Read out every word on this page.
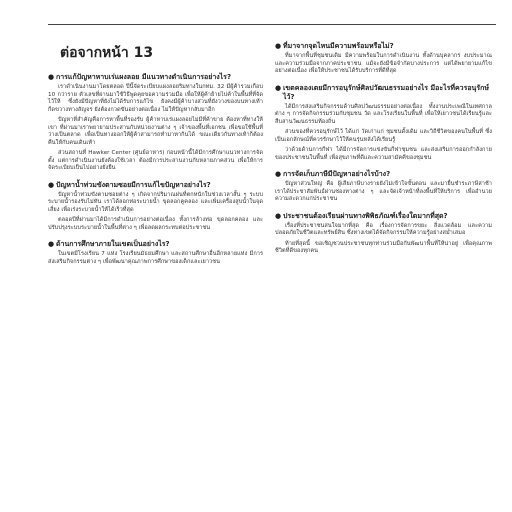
ต่อจากหน้า 13
● การแก้ปัญหาหาบเร่แผงลอย มีแนวทางดำเนินการอย่างไร?

เราดำเนินงานมาโดยตลอด ปีนี้จัดระเบียบแผงลอยริมทางในกทม. 32 มีผู้ค้ารวมเกือบ 10 กว่าราย ตัวเลขที่ผ่านมาใช้วิธีพูดคุยขอความร่วมมือ เพื่อให้ผู้ค้าย้ายไปค้าในพื้นที่ที่จัดไว้ให้ ซึ่งยังมีปัญหาที่ยังไม่ได้รับการแก้ไข ยังคงมีผู้ค้าบางส่วนที่ยังวางของบนทางเท้า กีดขวางทางสัญจร ยังต้องกวดขันอย่างต่อเนื่อง ไม่ให้ปัญหากลับมาอีก

ปัญหาที่สำคัญคือการหาพื้นที่รองรับ ผู้ค้าหาบเร่แผงลอยไม่มีที่ค้าขาย ต้องหาที่ทางให้เขา ที่ผ่านมาเราพยายามประสานกับหน่วยงานต่าง ๆ เจ้าของพื้นที่เอกชน เพื่อขอใช้พื้นที่ว่างเป็นตลาด เพื่อเป็นทางออกให้ผู้ค้าสามารถทำมาหากินได้ ขณะเดียวกันทางเท้าก็ต้องคืนให้กับคนเดินเท้า

ส่วนสถานที่ Hawker Center (ศูนย์อาหาร) ก่อนหน้านี้ได้มีการศึกษาแนวทางการจัดตั้ง แต่การดำเนินงานยังต้องใช้เวลา ต้องมีการประสานงานกับหลายภาคส่วน เพื่อให้การจัดระเบียบเป็นไปอย่างยั่งยืน

● ปัญหาน้ำท่วมขังตามซอยมีการแก้ไขปัญหาอย่างไร?

ปัญหาน้ำท่วมขังตามซอยต่าง ๆ เกิดจากปริมาณฝนที่ตกหนักในช่วงเวลาสั้น ๆ ระบบระบายน้ำรองรับไม่ทัน เราได้ลอกท่อระบายน้ำ ขุดลอกคูคลอง และเพิ่มเครื่องสูบน้ำในจุดเสี่ยง เพื่อเร่งระบายน้ำให้ได้เร็วที่สุด

ตลอดปีที่ผ่านมาได้มีการดำเนินการอย่างต่อเนื่อง ทั้งการล้างท่อ ขุดลอกคลอง และปรับปรุงระบบระบายน้ำในพื้นที่ต่าง ๆ เพื่อลดผลกระทบต่อประชาชน

● ด้านการศึกษาภายในเขตเป็นอย่างไร?

ในเขตมีโรงเรียน 7 แห่ง โรงเรียนมัธยมศึกษา และสถานศึกษาอื่นอีกหลายแห่ง มีการส่งเสริมกิจกรรมต่าง ๆ เพื่อพัฒนาคุณภาพการศึกษาของเด็กและเยาวชน

● ที่มาจากจุดไหนมีความพร้อมหรือไม่?

ที่มาจากพื้นที่ชุมชนเดิม มีความพร้อมในการดำเนินงาน ทั้งด้านบุคลากร งบประมาณ และความร่วมมือจากภาคประชาชน แม้จะยังมีข้อจำกัดบางประการ แต่ได้พยายามแก้ไขอย่างต่อเนื่อง เพื่อให้ประชาชนได้รับบริการที่ดีที่สุด

● เขตคลองเตยมีการอนุรักษ์ศิลปวัฒนธรรมอย่างไร มีอะไรที่ควรอนุรักษ์ไว้?

ได้มีการส่งเสริมกิจกรรมด้านศิลปวัฒนธรรมอย่างต่อเนื่อง ทั้งงานประเพณีในเทศกาลต่าง ๆ การจัดกิจกรรมร่วมกับชุมชน วัด และโรงเรียนในพื้นที่ เพื่อให้เยาวชนได้เรียนรู้และสืบสานวัฒนธรรมท้องถิ่น

ส่วนของที่ควรอนุรักษ์ไว้ ได้แก่ วัดเก่าแก่ ชุมชนดั้งเดิม และวิถีชีวิตของคนในพื้นที่ ซึ่งเป็นเอกลักษณ์ที่ควรรักษาไว้ให้คนรุ่นหลังได้เรียนรู้

ว่าด้วยด้านการกีฬา ได้มีการจัดการแข่งขันกีฬาชุมชน และส่งเสริมการออกกำลังกายของประชาชนในพื้นที่ เพื่อสุขภาพที่ดีและความสามัคคีของชุมชน

● การจัดเก็บภาษีมีปัญหาอย่างไรบ้าง?

ปัญหาส่วนใหญ่ คือ ผู้เสียภาษีบางรายยังไม่เข้าใจขั้นตอน และมายื่นชำระภาษีล่าช้า เราได้ประชาสัมพันธ์ผ่านช่องทางต่าง ๆ และจัดเจ้าหน้าที่ลงพื้นที่ให้บริการ เพื่ออำนวยความสะดวกแก่ประชาชน

● ประชาชนต้องเรียนผ่านทางพิพิธภัณฑ์เรื่องใดมากที่สุด?

เรื่องที่ประชาชนสนใจมากที่สุด คือ เรื่องการจัดการขยะ สิ่งแวดล้อม และความปลอดภัยในชีวิตและทรัพย์สิน ซึ่งทางเขตได้จัดกิจกรรมให้ความรู้อย่างสม่ำเสมอ

ท้ายที่สุดนี้ ขอเชิญชวนประชาชนทุกท่านร่วมมือกันพัฒนาพื้นที่ให้น่าอยู่ เพื่อคุณภาพชีวิตที่ดีของทุกคน
